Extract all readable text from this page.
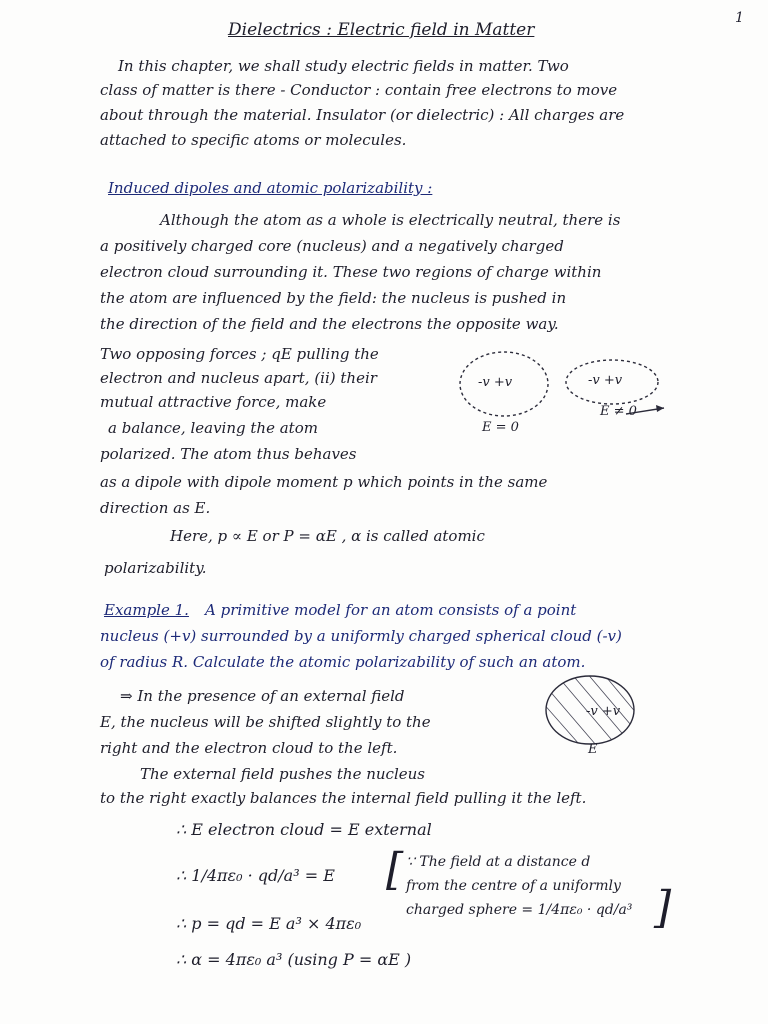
1

Dielectrics : Electric field in Matter

In this chapter, we shall study electric fields in matter. Two

class of matter is there - Conductor : contain free electrons to move

about through the material. Insulator (or dielectric) : All charges are

attached to specific atoms or molecules.

Induced dipoles and atomic polarizability :

Although the atom as a whole is electrically neutral, there is

a positively charged core (nucleus) and a negatively charged

electron cloud surrounding it. These two regions of charge within

the atom are influenced by the field: the nucleus is pushed in

the direction of the field and the electrons the opposite way.

Two opposing forces ; qE pulling the

electron and nucleus apart, (ii) their

mutual attractive force, make

a balance, leaving the atom

polarized. The atom thus behaves

as a dipole with dipole moment p which points in the same

direction as E.

-v +v
E = 0
-v +v
E ≠ 0

Here, p ∝ E or P = αE , α is called atomic

polarizability.

Example 1. A primitive model for an atom consists of a point

nucleus (+v) surrounded by a uniformly charged spherical cloud (-v)

of radius R. Calculate the atomic polarizability of such an atom.

⇒ In the presence of an external field

E, the nucleus will be shifted slightly to the

right and the electron cloud to the left.

The external field pushes the nucleus

to the right exactly balances the internal field pulling it the left.

-v +v
E

∴ E electron cloud = E external

∴ 1/4πε₀ · qd/a³ = E

∴ p = qd = E a³ × 4πε₀

∴ α = 4πε₀ a³ (using P = αE )

[ ∵ The field at a distance d

from the centre of a uniformly

charged sphere = 1/4πε₀ · qd/a³ ]
